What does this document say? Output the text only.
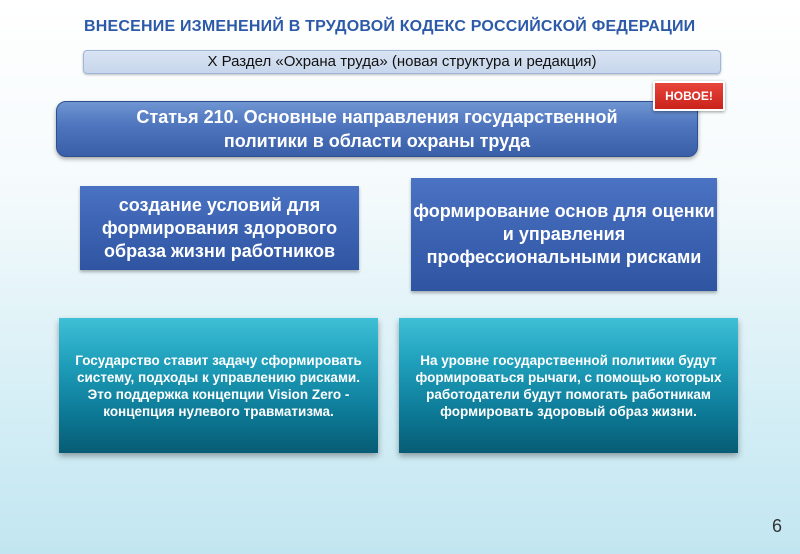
ВНЕСЕНИЕ ИЗМЕНЕНИЙ В ТРУДОВОЙ КОДЕКС РОССИЙСКОЙ ФЕДЕРАЦИИ
X Раздел «Охрана труда» (новая структура и редакция)
Статья 210. Основные направления государственной политики в области охраны труда
НОВОЕ!
создание условий для формирования здорового образа жизни работников
формирование основ для оценки и управления профессиональными рисками
Государство ставит задачу сформировать систему, подходы к управлению рисками. Это поддержка концепции Vision Zero - концепция нулевого травматизма.
На уровне государственной политики будут формироваться рычаги, с помощью которых работодатели будут помогать работникам формировать здоровый образ жизни.
6
